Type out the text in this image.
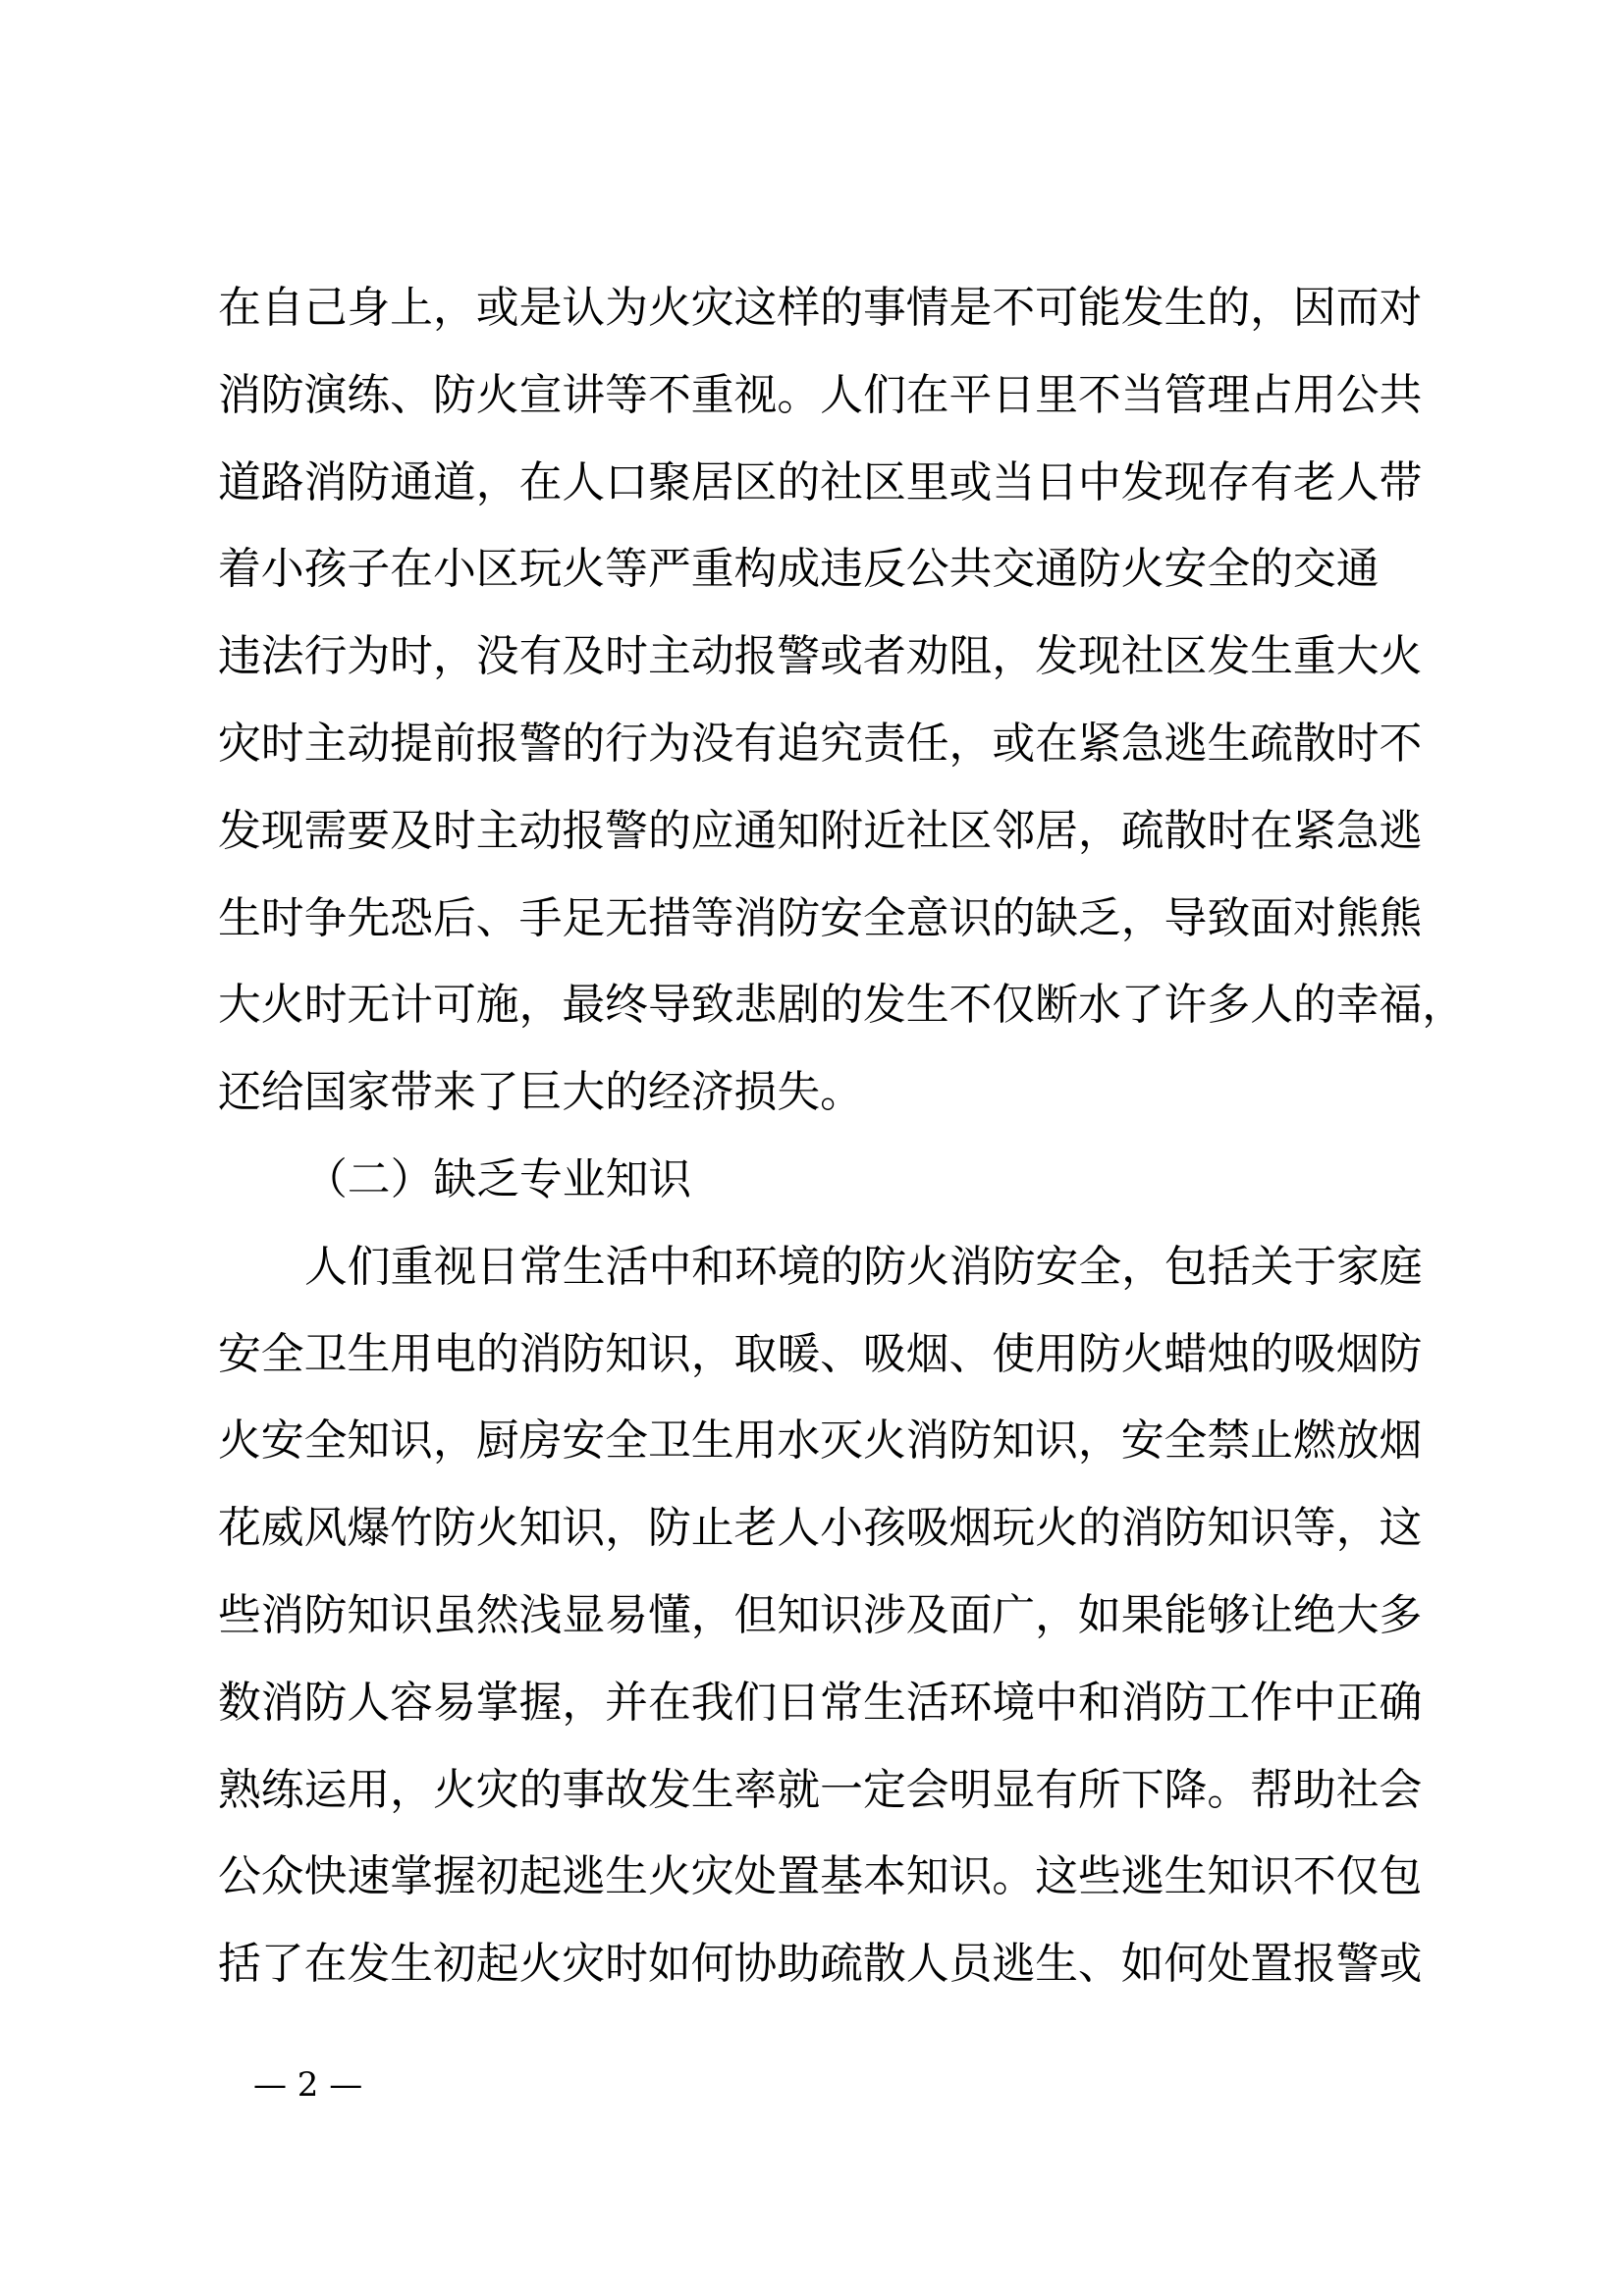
在自己身上，或是认为火灾这样的事情是不可能发生的，因而对
消防演练、防火宣讲等不重视。人们在平日里不当管理占用公共
道路消防通道，在人口聚居区的社区里或当日中发现存有老人带
着小孩子在小区玩火等严重构成违反公共交通防火安全的交通
违法行为时，没有及时主动报警或者劝阻，发现社区发生重大火
灾时主动提前报警的行为没有追究责任，或在紧急逃生疏散时不
发现需要及时主动报警的应通知附近社区邻居，疏散时在紧急逃
生时争先恐后、手足无措等消防安全意识的缺乏，导致面对熊熊
大火时无计可施，最终导致悲剧的发生不仅断水了许多人的幸福，
还给国家带来了巨大的经济损失。
（二）缺乏专业知识
人们重视日常生活中和环境的防火消防安全，包括关于家庭
安全卫生用电的消防知识，取暖、吸烟、使用防火蜡烛的吸烟防
火安全知识，厨房安全卫生用水灭火消防知识，安全禁止燃放烟
花威风爆竹防火知识，防止老人小孩吸烟玩火的消防知识等，这
些消防知识虽然浅显易懂，但知识涉及面广，如果能够让绝大多
数消防人容易掌握，并在我们日常生活环境中和消防工作中正确
熟练运用，火灾的事故发生率就一定会明显有所下降。帮助社会
公众快速掌握初起逃生火灾处置基本知识。这些逃生知识不仅包
括了在发生初起火灾时如何协助疏散人员逃生、如何处置报警或
— 2 —
